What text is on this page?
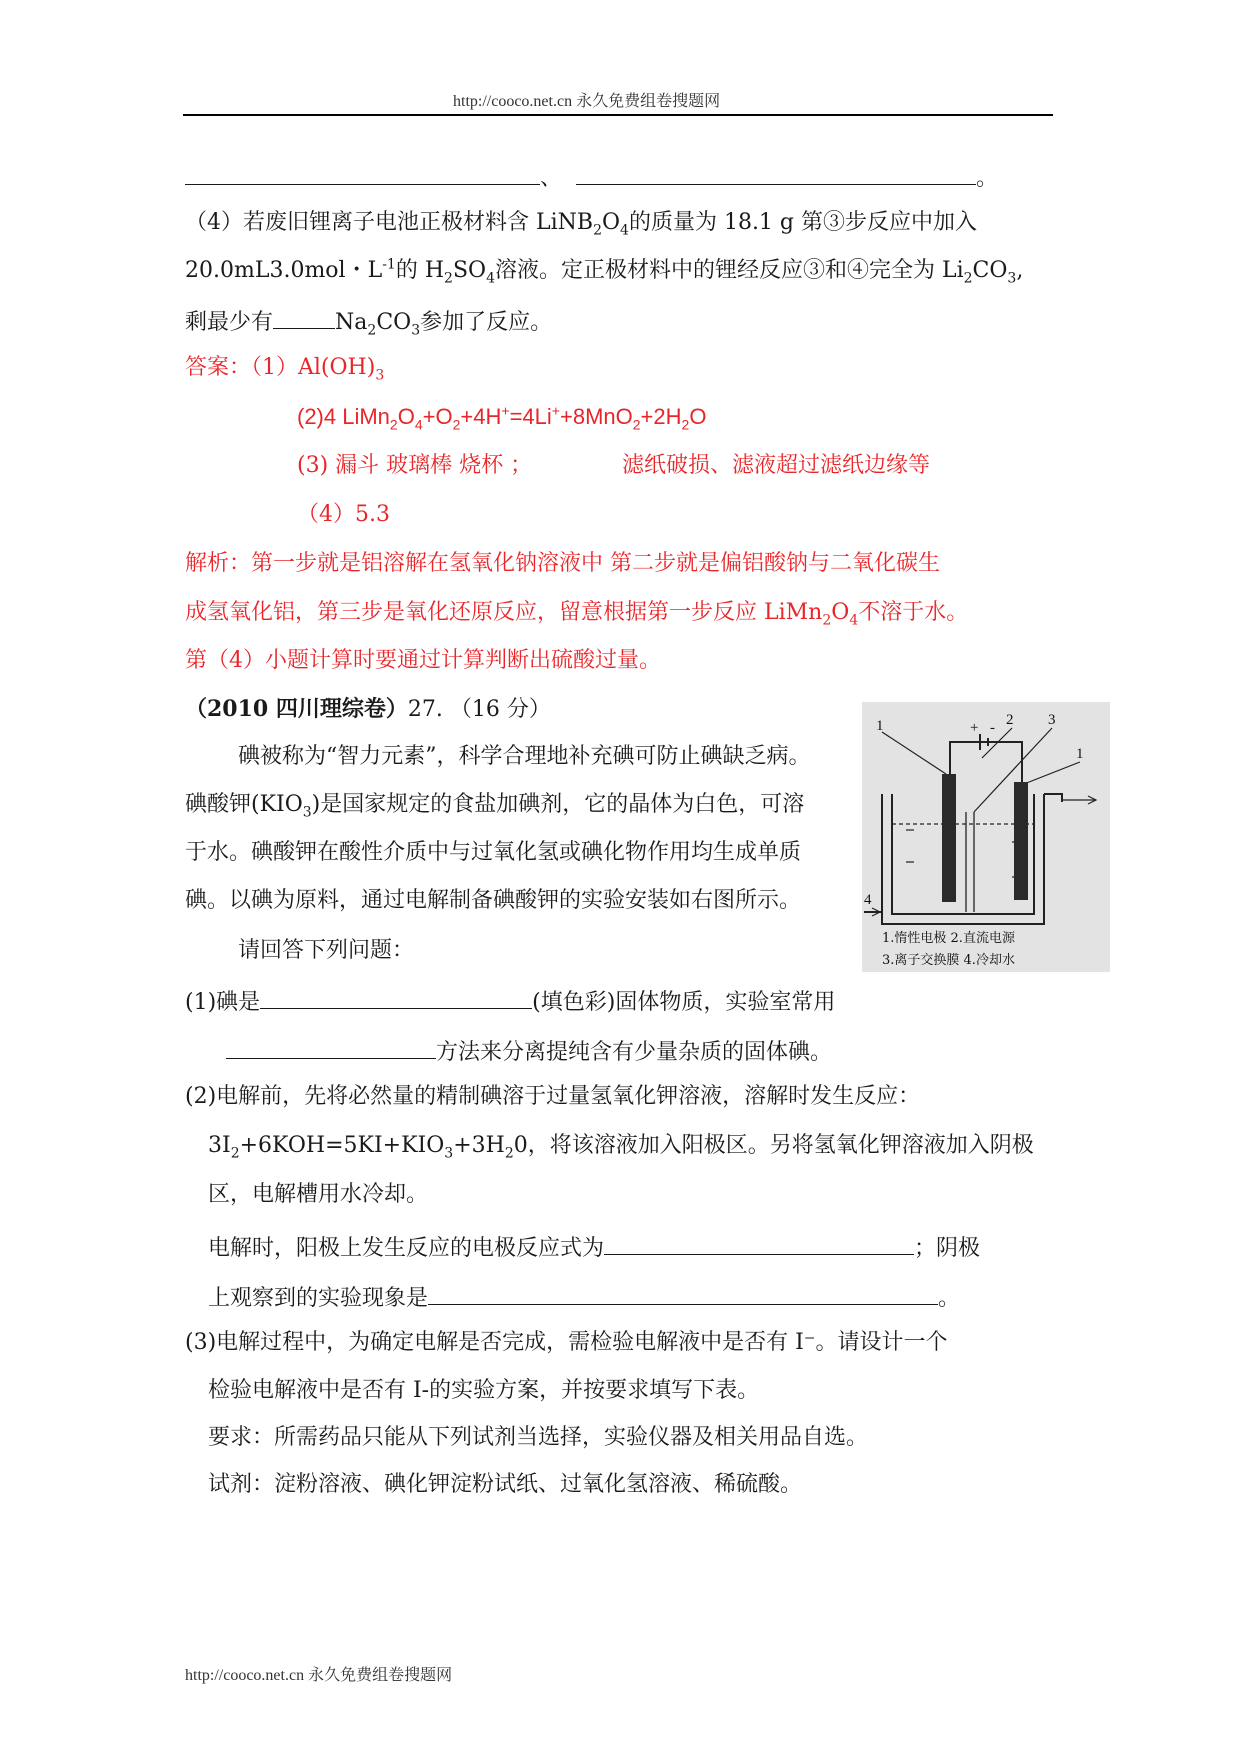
http://cooco.net.cn 永久免费组卷搜题网
、	。
（4）若废旧锂离子电池正极材料含 $LiNB_2O_4$的质量为 18.1 g 第③步反应中加入
20.0mL3.0mol・$L^{-1}$的 $H_2SO_4$溶液。定正极材料中的锂经反应③和④完全为 $Li_2CO_3$,
剩最少有	$Na_2CO_3$参加了反应。
答案：$(1)Al(OH)_3$
(2)4 $LiMn_2O_4+O_2+4H^+=4Li^++8MnO_2+2H_2O$
(3) 漏斗 玻璃棒 烧杯 ；	滤纸破损、滤液超过滤纸边缘等
（4）5.3
解析：第一步就是铝溶解在氢氧化钠溶液中 第二步就是偏铝酸钠与二氧化碳生
成氢氧化铝，第三步是氧化还原反应，留意根据第一步反应 $LiMn_2O_4$不溶于水。
第（4）小题计算时要通过计算判断出硫酸过量。
（2010 四川理综卷）27. （16 分）
碘被称为“智力元素”，科学合理地补充碘可防止碘缺乏病。
碘酸钾$(KIO_3)$是国家规定的食盐加碘剂，它的晶体为白色，可溶
于水。碘酸钾在酸性介质中与过氧化氢或碘化物作用均生成单质
碘。以碘为原料，通过电解制备碘酸钾的实验安装如右图所示。
请回答下列问题：
1	2 3
1
4
+ -
1.惰性电极 2.直流电源
3.离子交换膜 4.冷却水
(1)碘是	(填色彩)固体物质，实验室常用
方法来分离提纯含有少量杂质的固体碘。
(2)电解前，先将必然量的精制碘溶于过量氢氧化钾溶液，溶解时发生反应：
$3I_2+6KOH=5KI+KIO_3+3H_20$，将该溶液加入阳极区。另将氢氧化钾溶液加入阴极
区，电解槽用水冷却。
电解时，阳极上发生反应的电极反应式为	；阴极
上观察到的实验现象是	。
(3)电解过程中，为确定电解是否完成，需检验电解液中是否有 I⁻。请设计一个
检验电解液中是否有 I-的实验方案，并按要求填写下表。
要求：所需药品只能从下列试剂当选择，实验仪器及相关用品自选。
试剂：淀粉溶液、碘化钾淀粉试纸、过氧化氢溶液、稀硫酸。
http://cooco.net.cn 永久免费组卷搜题网
